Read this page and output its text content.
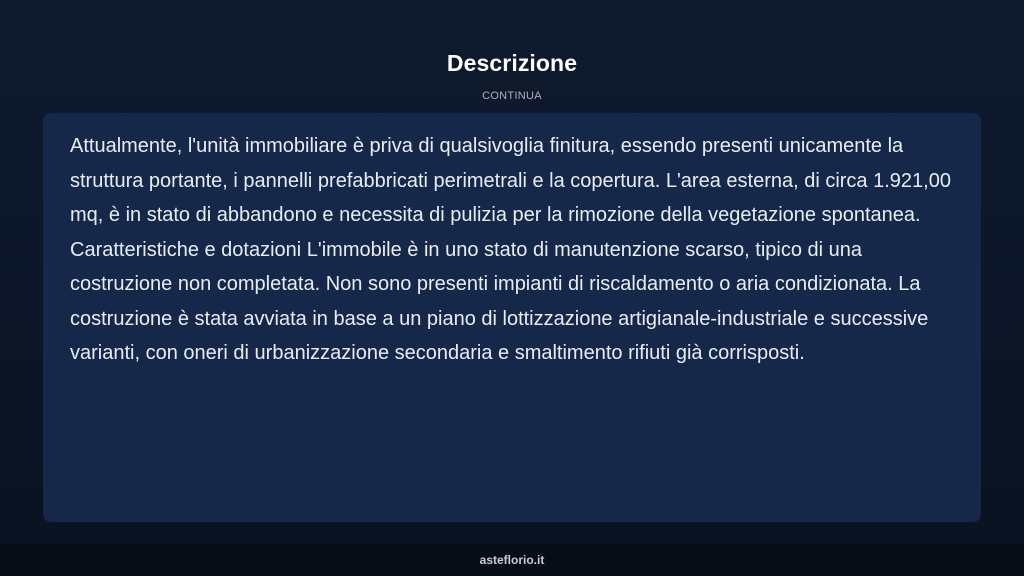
Descrizione
CONTINUA

Attualmente, l'unità immobiliare è priva di qualsivoglia finitura, essendo presenti unicamente la struttura portante, i pannelli prefabbricati perimetrali e la copertura. L'area esterna, di circa 1.921,00 mq, è in stato di abbandono e necessita di pulizia per la rimozione della vegetazione spontanea. Caratteristiche e dotazioni L'immobile è in uno stato di manutenzione scarso, tipico di una costruzione non completata. Non sono presenti impianti di riscaldamento o aria condizionata. La costruzione è stata avviata in base a un piano di lottizzazione artigianale-industriale e successive varianti, con oneri di urbanizzazione secondaria e smaltimento rifiuti già corrisposti.

asteflorio.it
